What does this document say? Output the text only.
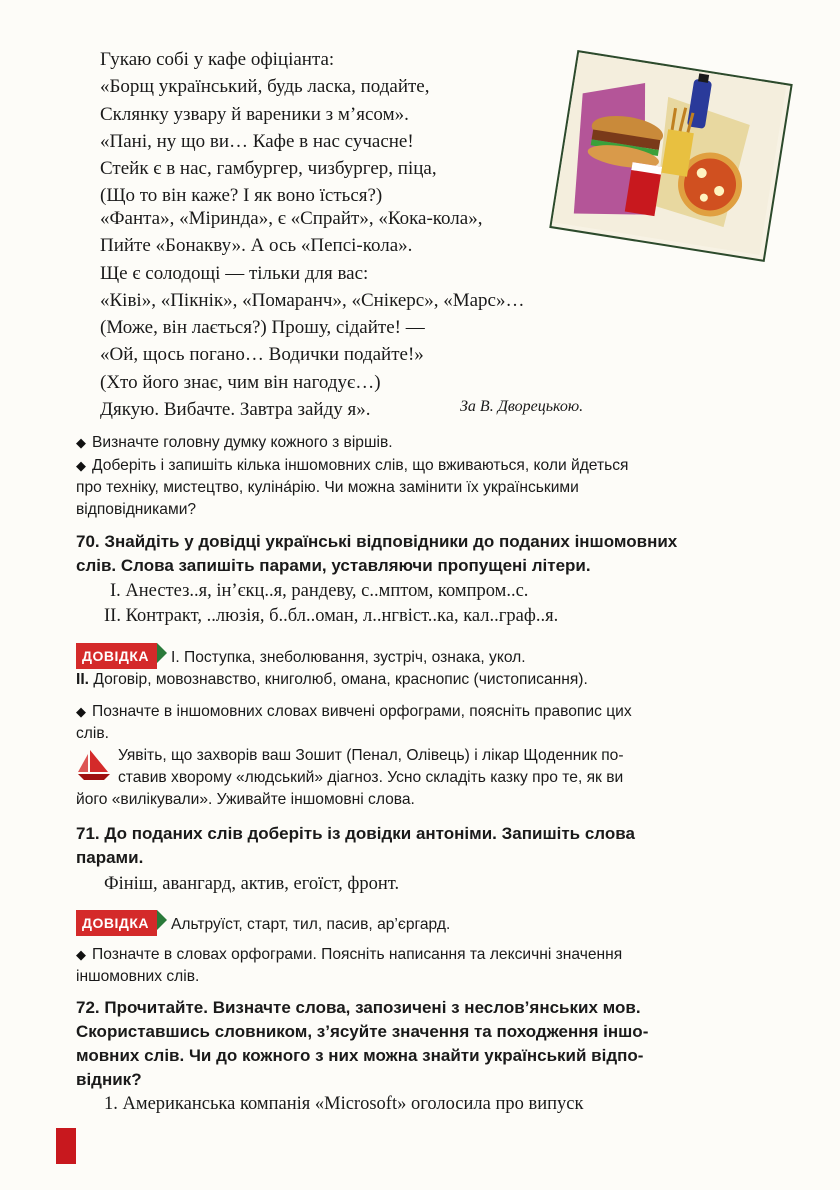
Гукаю собі у кафе офіціанта:
«Борщ український, будь ласка, подайте,
Склянку узвару й вареники з м’ясом».
«Пані, ну що ви… Кафе в нас сучасне!
Стейк є в нас, гамбургер, чизбургер, піца,
(Що то він каже? І як воно їсться?)
«Фанта», «Міринда», є «Спрайт», «Кока-кола»,
Пийте «Бонакву». А ось «Пепсі-кола».
Ще є солодощі — тільки для вас:
«Ківі», «Пікнік», «Помаранч», «Снікерс», «Марс»…
(Може, він лається?) Прошу, сідайте! —
«Ой, щось погано… Водички подайте!»
(Хто його знає, чим він нагодує…)
Дякую. Вибачте. Завтра зайду я».	За В. Дворецькою.
◆ Визначте головну думку кожного з віршів.
◆ Доберіть і запишіть кілька іншомовних слів, що вживаються, коли йдеться
про техніку, мистецтво, кулінáрію. Чи можна замінити їх українськими
відповідниками?
70. Знайдіть у довідці українські відповідники до поданих іншомовних
слів. Слова запишіть парами, уставляючи пропущені літери.
І. Анестез..я, ін’єкц..я, рандеву, с..мптом, компром..с.
ІІ. Контракт, ..люзія, б..бл..оман, л..нгвіст..ка, кал..граф..я.
ДОВІДКА І. Поступка, знеболювання, зустріч, ознака, укол.
ІІ. Договір, мовознавство, книголюб, омана, краснопис (чистописання).
◆ Позначте в іншомовних словах вивчені орфограми, поясніть правопис цих
слів.
Уявіть, що захворів ваш Зошит (Пенал, Олівець) і лікар Щоденник по-
ставив хворому «людський» діагноз. Усно складіть казку про те, як ви
його «вилікували». Уживайте іншомовні слова.
71. До поданих слів доберіть із довідки антоніми. Запишіть слова
парами.
Фініш, авангард, актив, егоїст, фронт.
ДОВІДКА Альтруїст, старт, тил, пасив, ар’єргард.
◆ Позначте в словах орфограми. Поясніть написання та лексичні значення
іншомовних слів.
72. Прочитайте. Визначте слова, запозичені з неслов’янських мов.
Скориставшись словником, з’ясуйте значення та походження іншо-
мовних слів. Чи до кожного з них можна знайти український відпо-
відник?
1. Американська компанія «Microsoft» оголосила про випуск
